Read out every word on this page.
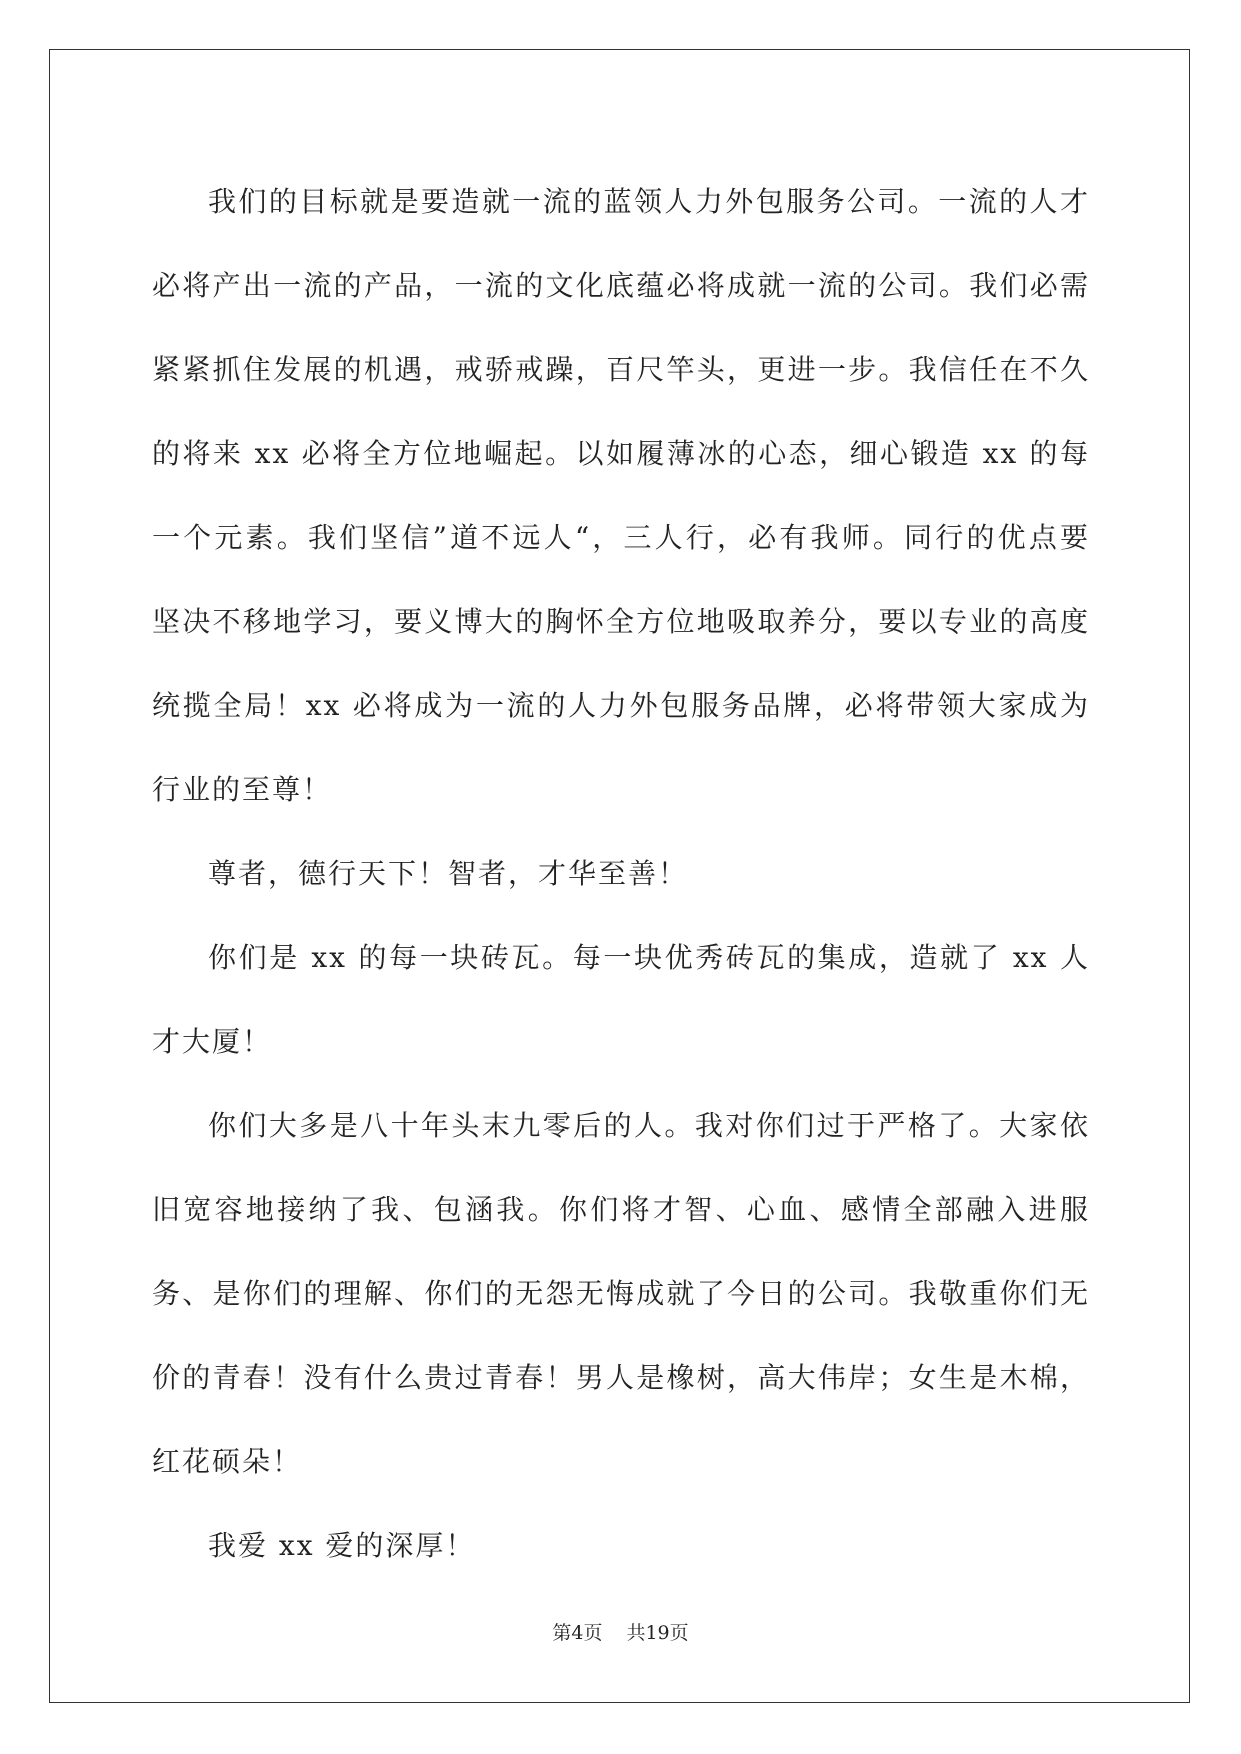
我们的目标就是要造就一流的蓝领人力外包服务公司。一流的人才必将产出一流的产品，一流的文化底蕴必将成就一流的公司。我们必需紧紧抓住发展的机遇，戒骄戒躁，百尺竿头，更进一步。我信任在不久的将来 xx 必将全方位地崛起。以如履薄冰的心态，细心锻造 xx 的每一个元素。我们坚信”道不远人“，三人行，必有我师。同行的优点要 坚决不移地学习，要义博大的胸怀全方位地吸取养分，要以专业的高度统揽全局！xx 必将成为一流的人力外包服务品牌，必将带领大家成为行业的至尊！

尊者，德行天下！智者，才华至善！

你们是 xx 的每一块砖瓦。每一块优秀砖瓦的集成，造就了 xx 人才大厦！

你们大多是八十年头末九零后的人。我对你们过于严格了。大家依旧宽容地接纳了我、包涵我。你们将才智、心血、感情全部融入进服务、是你们的理解、你们的无怨无悔成就了今日的公司。我敬重你们无价的青春！没有什么贵过青春！男人是橡树，高大伟岸；女生是木棉，红花硕朵！

我爱 xx 爱的深厚！

第4页 共19页
